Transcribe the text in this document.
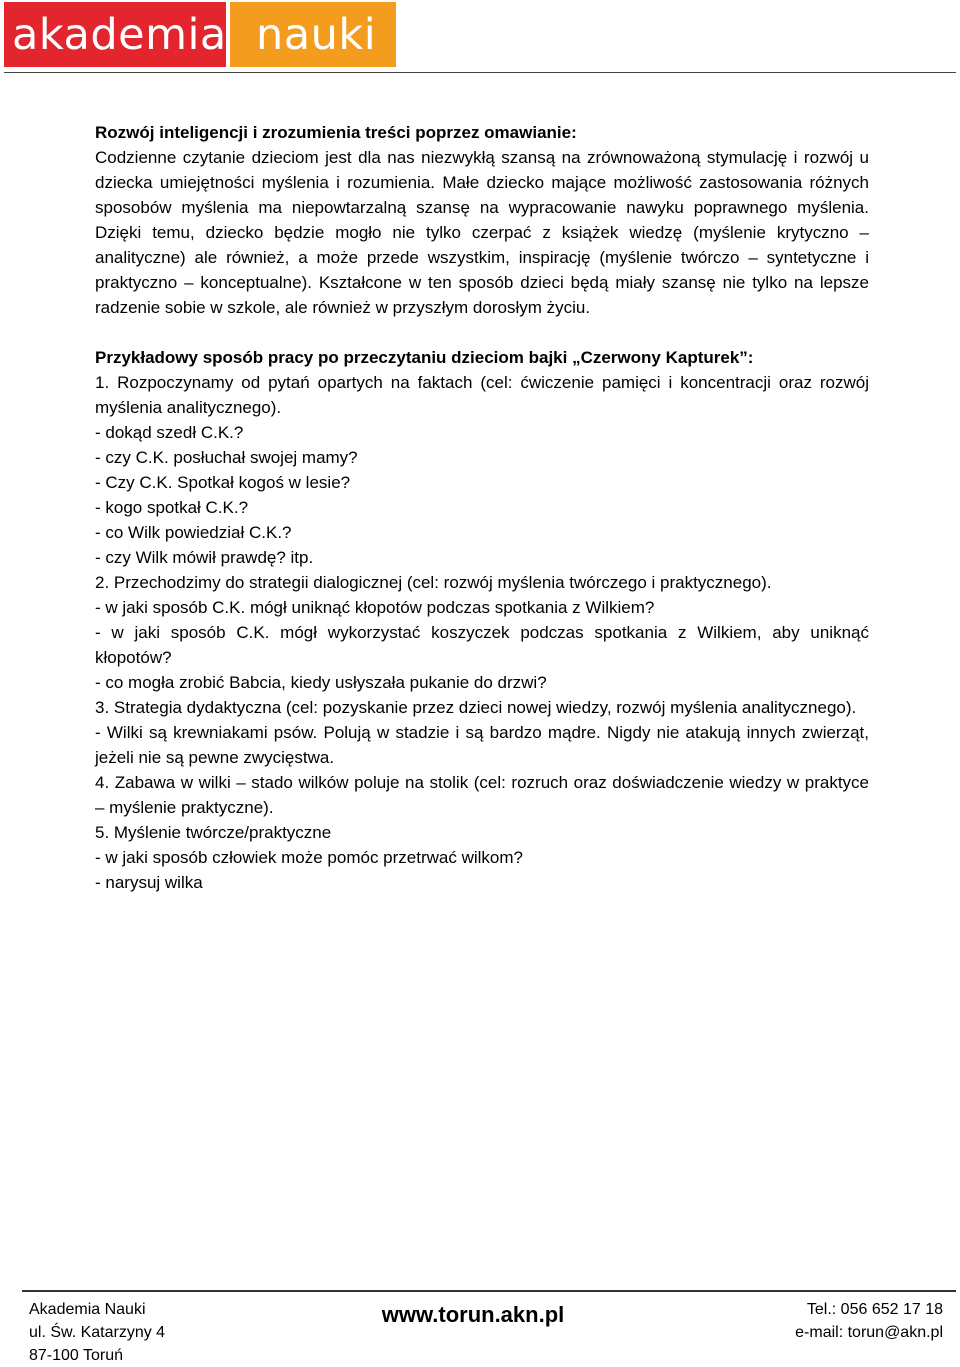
akademia nauki
Rozwój inteligencji i zrozumienia treści poprzez omawianie:

Codzienne czytanie dzieciom jest dla nas niezwykłą szansą na zrównoważoną stymulację i rozwój u dziecka umiejętności myślenia i rozumienia. Małe dziecko mające możliwość zastosowania różnych sposobów myślenia ma niepowtarzalną szansę na wypracowanie nawyku poprawnego myślenia. Dzięki temu, dziecko będzie mogło nie tylko czerpać z książek wiedzę (myślenie krytyczno – analityczne) ale również, a może przede wszystkim, inspirację (myślenie twórczo – syntetyczne i praktyczno – konceptualne). Kształcone w ten sposób dzieci będą miały szansę nie tylko na lepsze radzenie sobie w szkole, ale również w przyszłym dorosłym życiu.

Przykładowy sposób pracy po przeczytaniu dzieciom bajki „Czerwony Kapturek”:

1. Rozpoczynamy od pytań opartych na faktach (cel: ćwiczenie pamięci i koncentracji oraz rozwój myślenia analitycznego).

- dokąd szedł C.K.?

- czy C.K. posłuchał swojej mamy?

- Czy C.K. Spotkał kogoś w lesie?

- kogo spotkał C.K.?

- co Wilk powiedział C.K.?

- czy Wilk mówił prawdę? itp.

2. Przechodzimy do strategii dialogicznej (cel: rozwój myślenia twórczego i praktycznego).

- w jaki sposób C.K. mógł uniknąć kłopotów podczas spotkania z Wilkiem?

- w jaki sposób C.K. mógł wykorzystać koszyczek podczas spotkania z Wilkiem, aby uniknąć kłopotów?

- co mogła zrobić Babcia, kiedy usłyszała pukanie do drzwi?

3. Strategia dydaktyczna (cel: pozyskanie przez dzieci nowej wiedzy, rozwój myślenia analitycznego).

- Wilki są krewniakami psów. Polują w stadzie i są bardzo mądre. Nigdy nie atakują innych zwierząt, jeżeli nie są pewne zwycięstwa.

4. Zabawa w wilki – stado wilków poluje na stolik (cel: rozruch oraz doświadczenie wiedzy w praktyce – myślenie praktyczne).

5. Myślenie twórcze/praktyczne

- w jaki sposób człowiek może pomóc przetrwać wilkom?

- narysuj wilka

Akademia Nauki
ul. Św. Katarzyny 4
87-100 Toruń
www.torun.akn.pl	Tel.: 056 652 17 18
e-mail: torun@akn.pl
